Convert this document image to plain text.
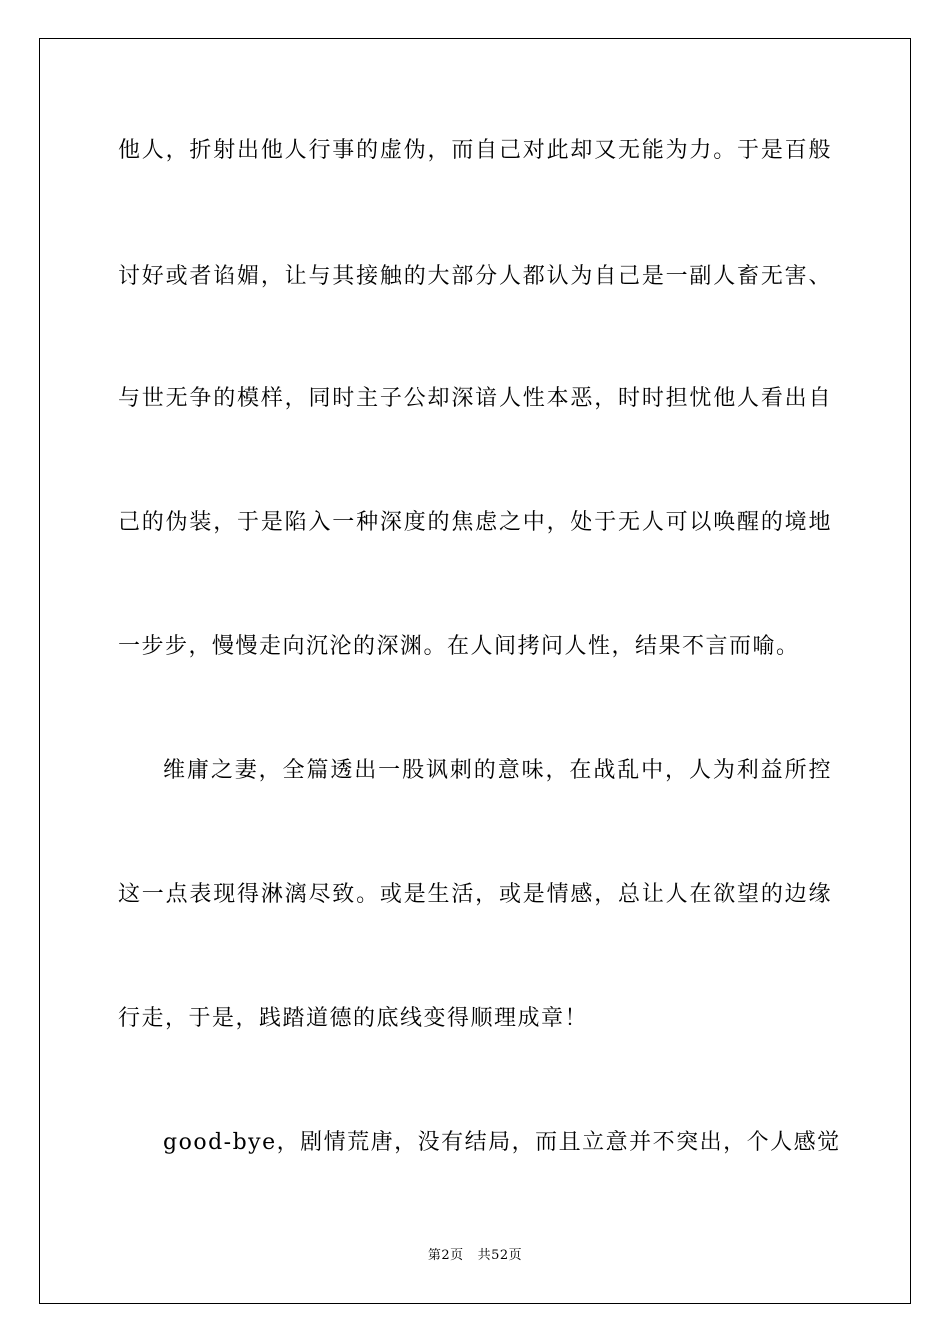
他人，折射出他人行事的虚伪，而自己对此却又无能为力。于是百般
讨好或者谄媚，让与其接触的大部分人都认为自己是一副人畜无害、
与世无争的模样，同时主子公却深谙人性本恶，时时担忧他人看出自
己的伪装，于是陷入一种深度的焦虑之中，处于无人可以唤醒的境地
一步步，慢慢走向沉沦的深渊。在人间拷问人性，结果不言而喻。
维庸之妻，全篇透出一股讽刺的意味，在战乱中，人为利益所控
这一点表现得淋漓尽致。或是生活，或是情感，总让人在欲望的边缘
行走，于是，践踏道德的底线变得顺理成章！
good-bye，剧情荒唐，没有结局，而且立意并不突出，个人感觉
第2页 共52页
